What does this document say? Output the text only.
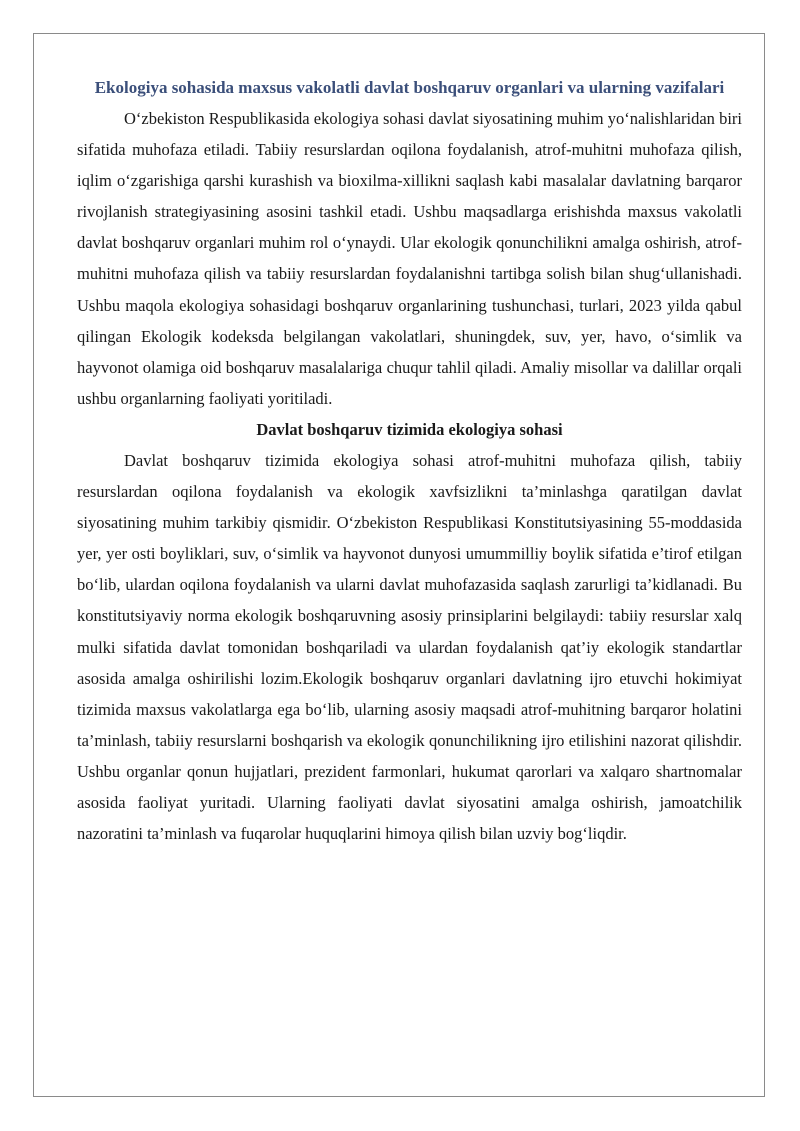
Ekologiya sohasida maxsus vakolatli davlat boshqaruv organlari va ularning vazifalari

O‘zbekiston Respublikasida ekologiya sohasi davlat siyosatining muhim yo‘nalishlaridan biri sifatida muhofaza etiladi. Tabiiy resurslardan oqilona foydalanish, atrof-muhitni muhofaza qilish, iqlim o‘zgarishiga qarshi kurashish va bioxilma-xillikni saqlash kabi masalalar davlatning barqaror rivojlanish strategiyasining asosini tashkil etadi. Ushbu maqsadlarga erishishda maxsus vakolatli davlat boshqaruv organlari muhim rol o‘ynaydi. Ular ekologik qonunchilikni amalga oshirish, atrof-muhitni muhofaza qilish va tabiiy resurslardan foydalanishni tartibga solish bilan shug‘ullanishadi. Ushbu maqola ekologiya sohasidagi boshqaruv organlarining tushunchasi, turlari, 2023 yilda qabul qilingan Ekologik kodeksda belgilangan vakolatlari, shuningdek, suv, yer, havo, o‘simlik va hayvonot olamiga oid boshqaruv masalalariga chuqur tahlil qiladi. Amaliy misollar va dalillar orqali ushbu organlarning faoliyati yoritiladi.

Davlat boshqaruv tizimida ekologiya sohasi

Davlat boshqaruv tizimida ekologiya sohasi atrof-muhitni muhofaza qilish, tabiiy resurslardan oqilona foydalanish va ekologik xavfsizlikni ta’minlashga qaratilgan davlat siyosatining muhim tarkibiy qismidir. O‘zbekiston Respublikasi Konstitutsiyasining 55-moddasida yer, yer osti boyliklari, suv, o‘simlik va hayvonot dunyosi umummilliy boylik sifatida e’tirof etilgan bo‘lib, ulardan oqilona foydalanish va ularni davlat muhofazasida saqlash zarurligi ta’kidlanadi. Bu konstitutsiyaviy norma ekologik boshqaruvning asosiy prinsiplarini belgilaydi: tabiiy resurslar xalq mulki sifatida davlat tomonidan boshqariladi va ulardan foydalanish qat’iy ekologik standartlar asosida amalga oshirilishi lozim.Ekologik boshqaruv organlari davlatning ijro etuvchi hokimiyat tizimida maxsus vakolatlarga ega bo‘lib, ularning asosiy maqsadi atrof-muhitning barqaror holatini ta’minlash, tabiiy resurslarni boshqarish va ekologik qonunchilikning ijro etilishini nazorat qilishdir. Ushbu organlar qonun hujjatlari, prezident farmonlari, hukumat qarorlari va xalqaro shartnomalar asosida faoliyat yuritadi. Ularning faoliyati davlat siyosatini amalga oshirish, jamoatchilik nazoratini ta’minlash va fuqarolar huquqlarini himoya qilish bilan uzviy bog‘liqdir.
